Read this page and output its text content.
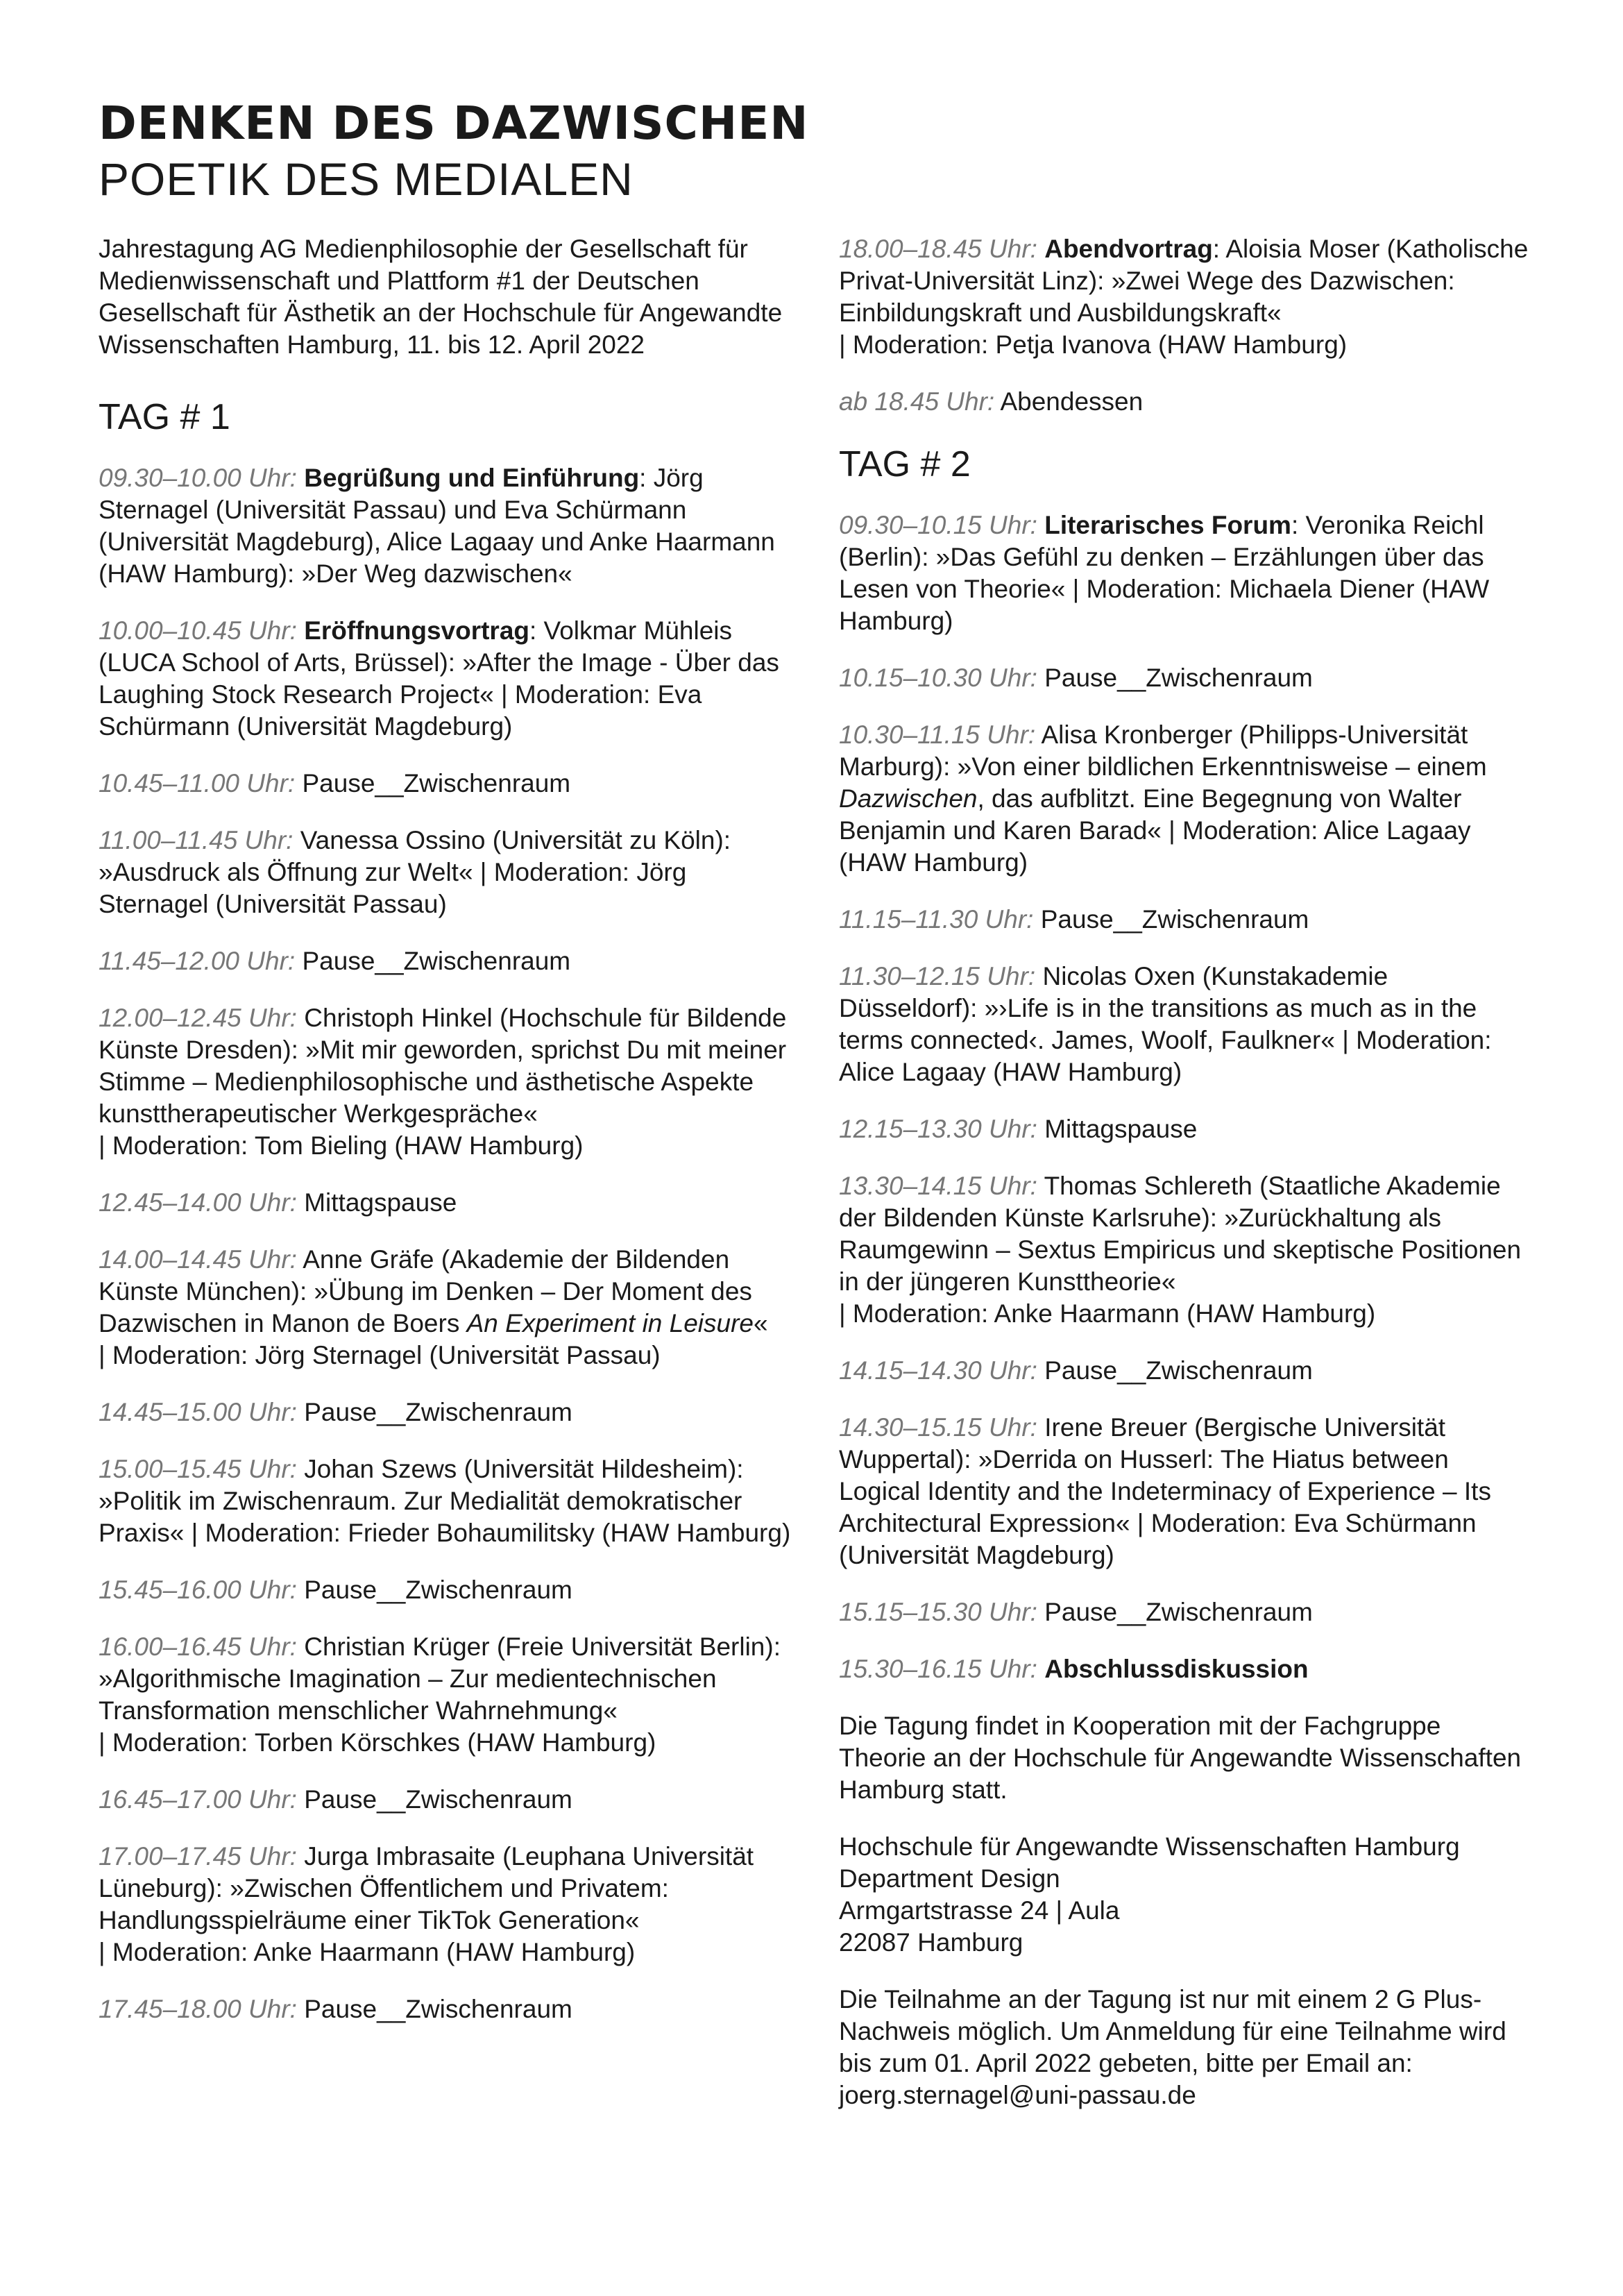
DENKEN DES DAZWISCHEN
POETIK DES MEDIALEN

Jahrestagung AG Medienphilosophie der Gesellschaft für Medienwissenschaft und Plattform #1 der Deutschen Gesellschaft für Ästhetik an der Hochschule für Angewandte Wissenschaften Hamburg, 11. bis 12. April 2022

TAG # 1

09.30–10.00 Uhr: Begrüßung und Einführung: Jörg Sternagel (Universität Passau) und Eva Schürmann (Universität Magdeburg), Alice Lagaay und Anke Haarmann (HAW Hamburg): »Der Weg dazwischen«

10.00–10.45 Uhr: Eröffnungsvortrag: Volkmar Mühleis (LUCA School of Arts, Brüssel): »After the Image - Über das Laughing Stock Research Project« | Moderation: Eva Schürmann (Universität Magdeburg)

10.45–11.00 Uhr: Pause__Zwischenraum

11.00–11.45 Uhr: Vanessa Ossino (Universität zu Köln): »Ausdruck als Öffnung zur Welt« | Moderation: Jörg Sternagel (Universität Passau)

11.45–12.00 Uhr: Pause__Zwischenraum

12.00–12.45 Uhr: Christoph Hinkel (Hochschule für Bildende Künste Dresden): »Mit mir geworden, sprichst Du mit meiner Stimme – Medienphilosophische und ästhetische Aspekte kunsttherapeutischer Werkgespräche«
| Moderation: Tom Bieling (HAW Hamburg)

12.45–14.00 Uhr: Mittagspause

14.00–14.45 Uhr: Anne Gräfe (Akademie der Bildenden Künste München): »Übung im Denken – Der Moment des Dazwischen in Manon de Boers An Experiment in Leisure«
| Moderation: Jörg Sternagel (Universität Passau)

14.45–15.00 Uhr: Pause__Zwischenraum

15.00–15.45 Uhr: Johan Szews (Universität Hildesheim): »Politik im Zwischenraum. Zur Medialität demokratischer Praxis« | Moderation: Frieder Bohaumilitsky (HAW Hamburg)

15.45–16.00 Uhr: Pause__Zwischenraum

16.00–16.45 Uhr: Christian Krüger (Freie Universität Berlin): »Algorithmische Imagination – Zur medientechnischen Transformation menschlicher Wahrnehmung«
| Moderation: Torben Körschkes (HAW Hamburg)

16.45–17.00 Uhr: Pause__Zwischenraum

17.00–17.45 Uhr: Jurga Imbrasaite (Leuphana Universität Lüneburg): »Zwischen Öffentlichem und Privatem: Handlungsspielräume einer TikTok Generation«
| Moderation: Anke Haarmann (HAW Hamburg)

17.45–18.00 Uhr: Pause__Zwischenraum

18.00–18.45 Uhr: Abendvortrag: Aloisia Moser (Katholische Privat-Universität Linz): »Zwei Wege des Dazwischen: Einbildungskraft und Ausbildungskraft«
| Moderation: Petja Ivanova (HAW Hamburg)

ab 18.45 Uhr: Abendessen

TAG # 2

09.30–10.15 Uhr: Literarisches Forum: Veronika Reichl (Berlin): »Das Gefühl zu denken – Erzählungen über das Lesen von Theorie« | Moderation: Michaela Diener (HAW Hamburg)

10.15–10.30 Uhr: Pause__Zwischenraum

10.30–11.15 Uhr: Alisa Kronberger (Philipps-Universität Marburg): »Von einer bildlichen Erkenntnisweise – einem Dazwischen, das aufblitzt. Eine Begegnung von Walter Benjamin und Karen Barad« | Moderation: Alice Lagaay (HAW Hamburg)

11.15–11.30 Uhr: Pause__Zwischenraum

11.30–12.15 Uhr: Nicolas Oxen (Kunstakademie Düsseldorf): »›Life is in the transitions as much as in the terms connected‹. James, Woolf, Faulkner« | Moderation: Alice Lagaay (HAW Hamburg)

12.15–13.30 Uhr: Mittagspause

13.30–14.15 Uhr: Thomas Schlereth (Staatliche Akademie der Bildenden Künste Karlsruhe): »Zurückhaltung als Raumgewinn – Sextus Empiricus und skeptische Positionen in der jüngeren Kunsttheorie«
| Moderation: Anke Haarmann (HAW Hamburg)

14.15–14.30 Uhr: Pause__Zwischenraum

14.30–15.15 Uhr: Irene Breuer (Bergische Universität Wuppertal): »Derrida on Husserl: The Hiatus between Logical Identity and the Indeterminacy of Experience – Its Architectural Expression« | Moderation: Eva Schürmann (Universität Magdeburg)

15.15–15.30 Uhr: Pause__Zwischenraum

15.30–16.15 Uhr: Abschlussdiskussion

Die Tagung findet in Kooperation mit der Fachgruppe Theorie an der Hochschule für Angewandte Wissenschaften Hamburg statt.

Hochschule für Angewandte Wissenschaften Hamburg
Department Design
Armgartstrasse 24 | Aula
22087 Hamburg

Die Teilnahme an der Tagung ist nur mit einem 2 G Plus-Nachweis möglich. Um Anmeldung für eine Teilnahme wird bis zum 01. April 2022 gebeten, bitte per Email an: joerg.sternagel@uni-passau.de
